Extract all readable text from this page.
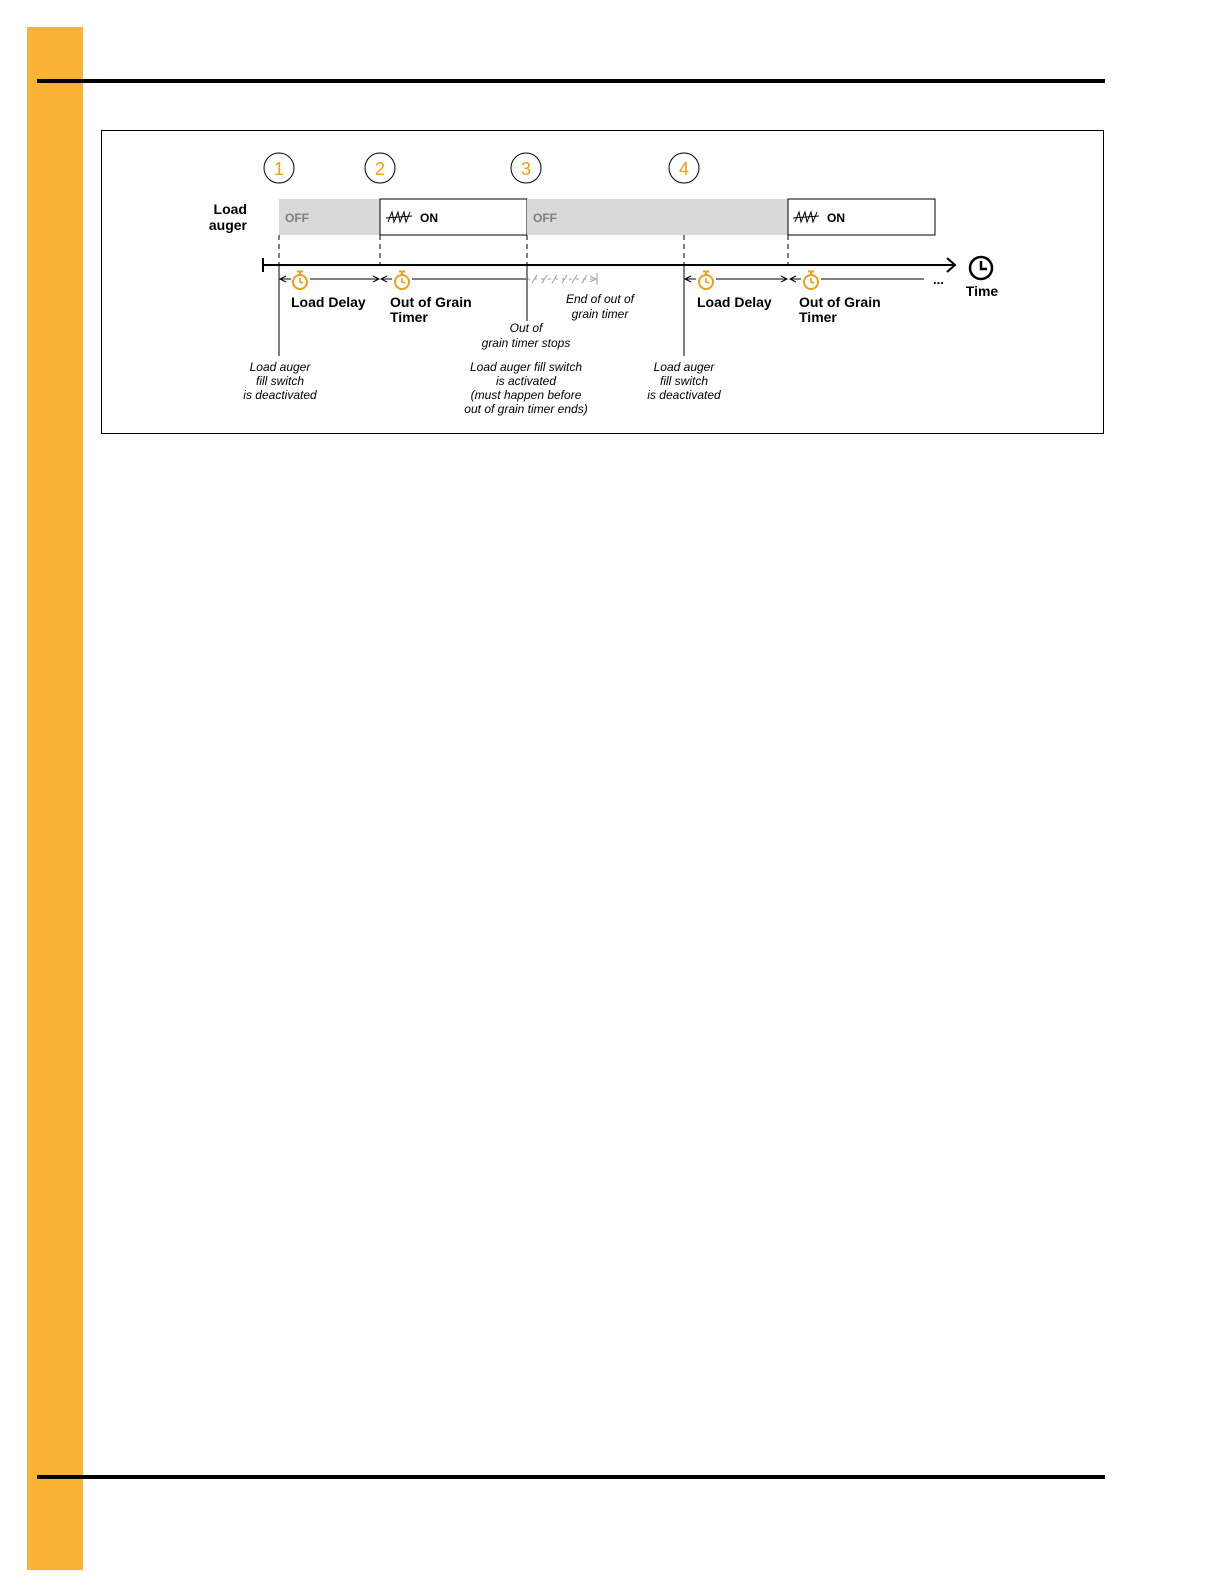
Load
auger
1	2	3	4
OFF	ON	OFF	ON
Time
Load Delay Out of Grain
Timer
Load Delay
...
Out of Grain
Timer
End of out of
grain timer
Out of
grain timer stops
Load auger
fill switch
is deactivated
Load auger fill switch
is activated
(must happen before
out of grain timer ends)
Load auger
fill switch
is deactivated
